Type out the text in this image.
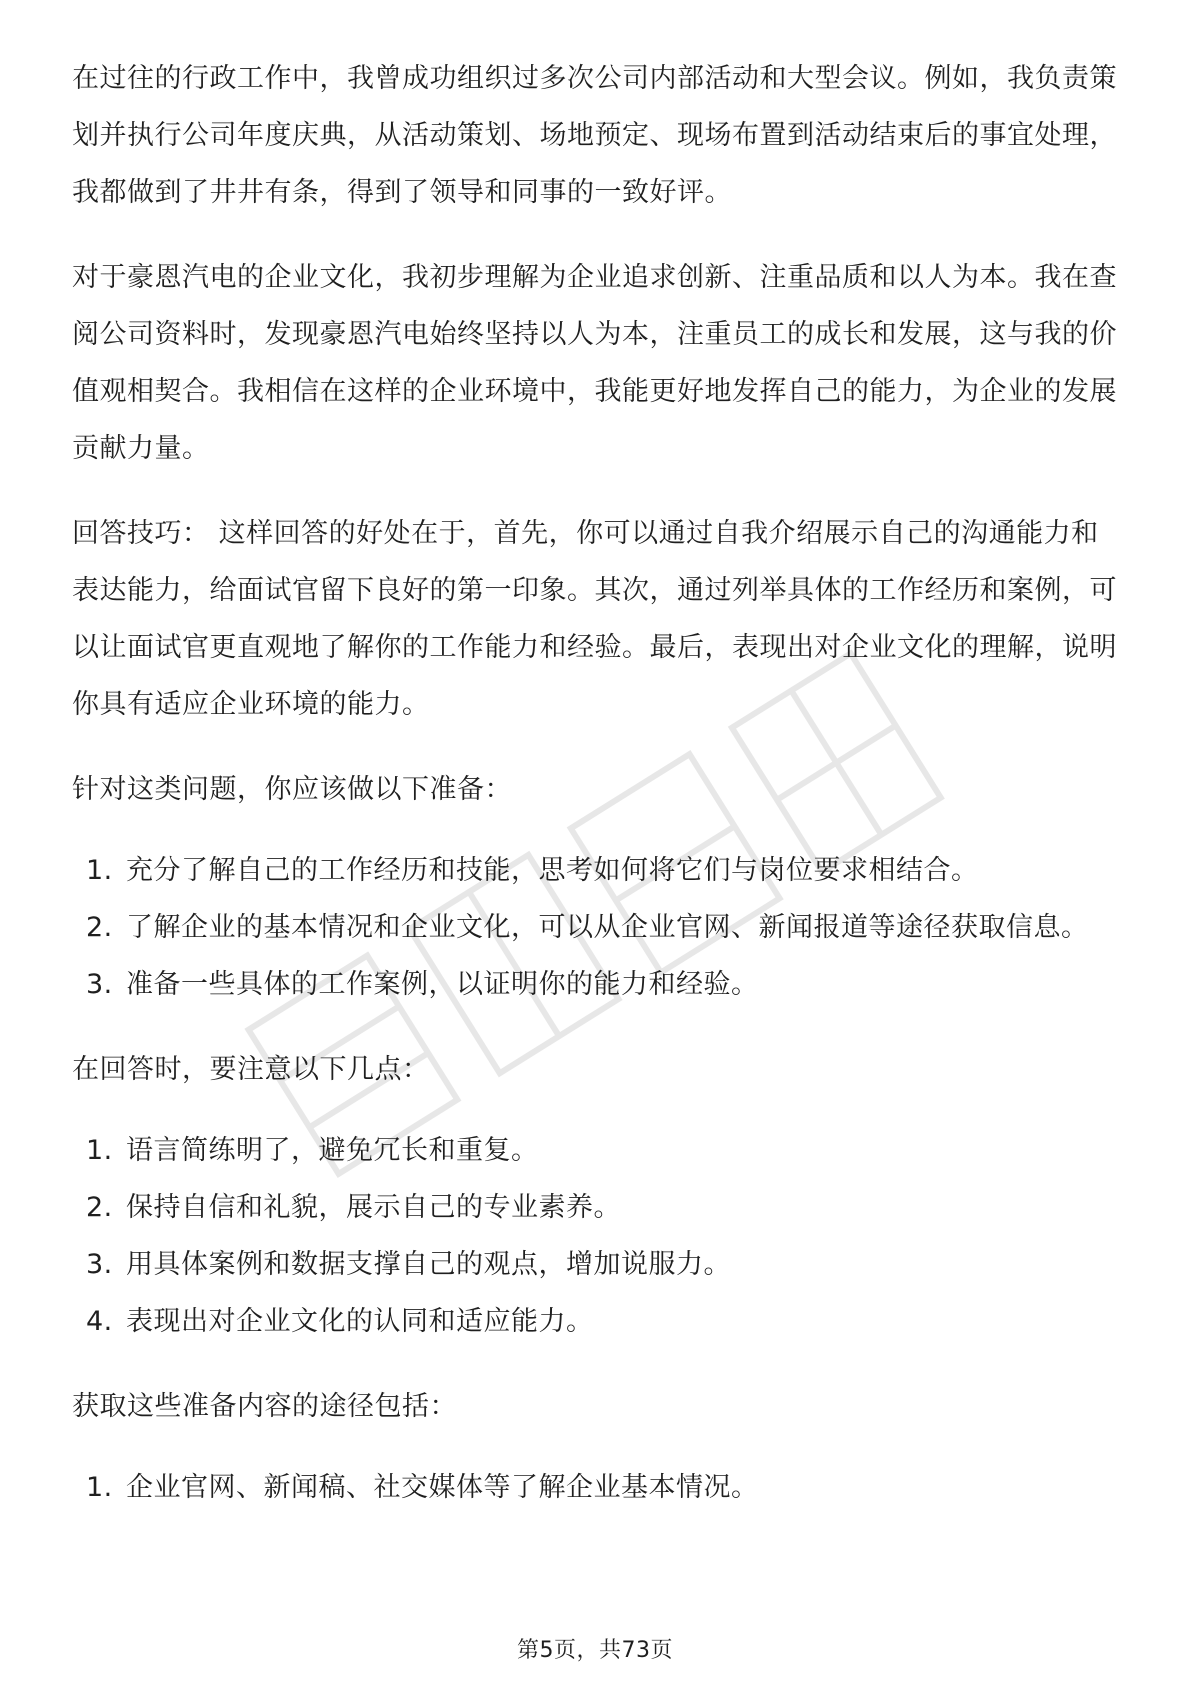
在过往的行政工作中，我曾成功组织过多次公司内部活动和大型会议。例如，我负责策划并执行公司年度庆典，从活动策划、场地预定、现场布置到活动结束后的事宜处理，我都做到了井井有条，得到了领导和同事的一致好评。

对于豪恩汽电的企业文化，我初步理解为企业追求创新、注重品质和以人为本。我在查阅公司资料时，发现豪恩汽电始终坚持以人为本，注重员工的成长和发展，这与我的价值观相契合。我相信在这样的企业环境中，我能更好地发挥自己的能力，为企业的发展贡献力量。

回答技巧： 这样回答的好处在于，首先，你可以通过自我介绍展示自己的沟通能力和表达能力，给面试官留下良好的第一印象。其次，通过列举具体的工作经历和案例，可以让面试官更直观地了解你的工作能力和经验。最后，表现出对企业文化的理解，说明你具有适应企业环境的能力。

针对这类问题，你应该做以下准备：

1. 充分了解自己的工作经历和技能，思考如何将它们与岗位要求相结合。
2. 了解企业的基本情况和企业文化，可以从企业官网、新闻报道等途径获取信息。
3. 准备一些具体的工作案例，以证明你的能力和经验。

在回答时，要注意以下几点：

1. 语言简练明了，避免冗长和重复。
2. 保持自信和礼貌，展示自己的专业素养。
3. 用具体案例和数据支撑自己的观点，增加说服力。
4. 表现出对企业文化的认同和适应能力。

获取这些准备内容的途径包括：

1. 企业官网、新闻稿、社交媒体等了解企业基本情况。
第5页，共73页
